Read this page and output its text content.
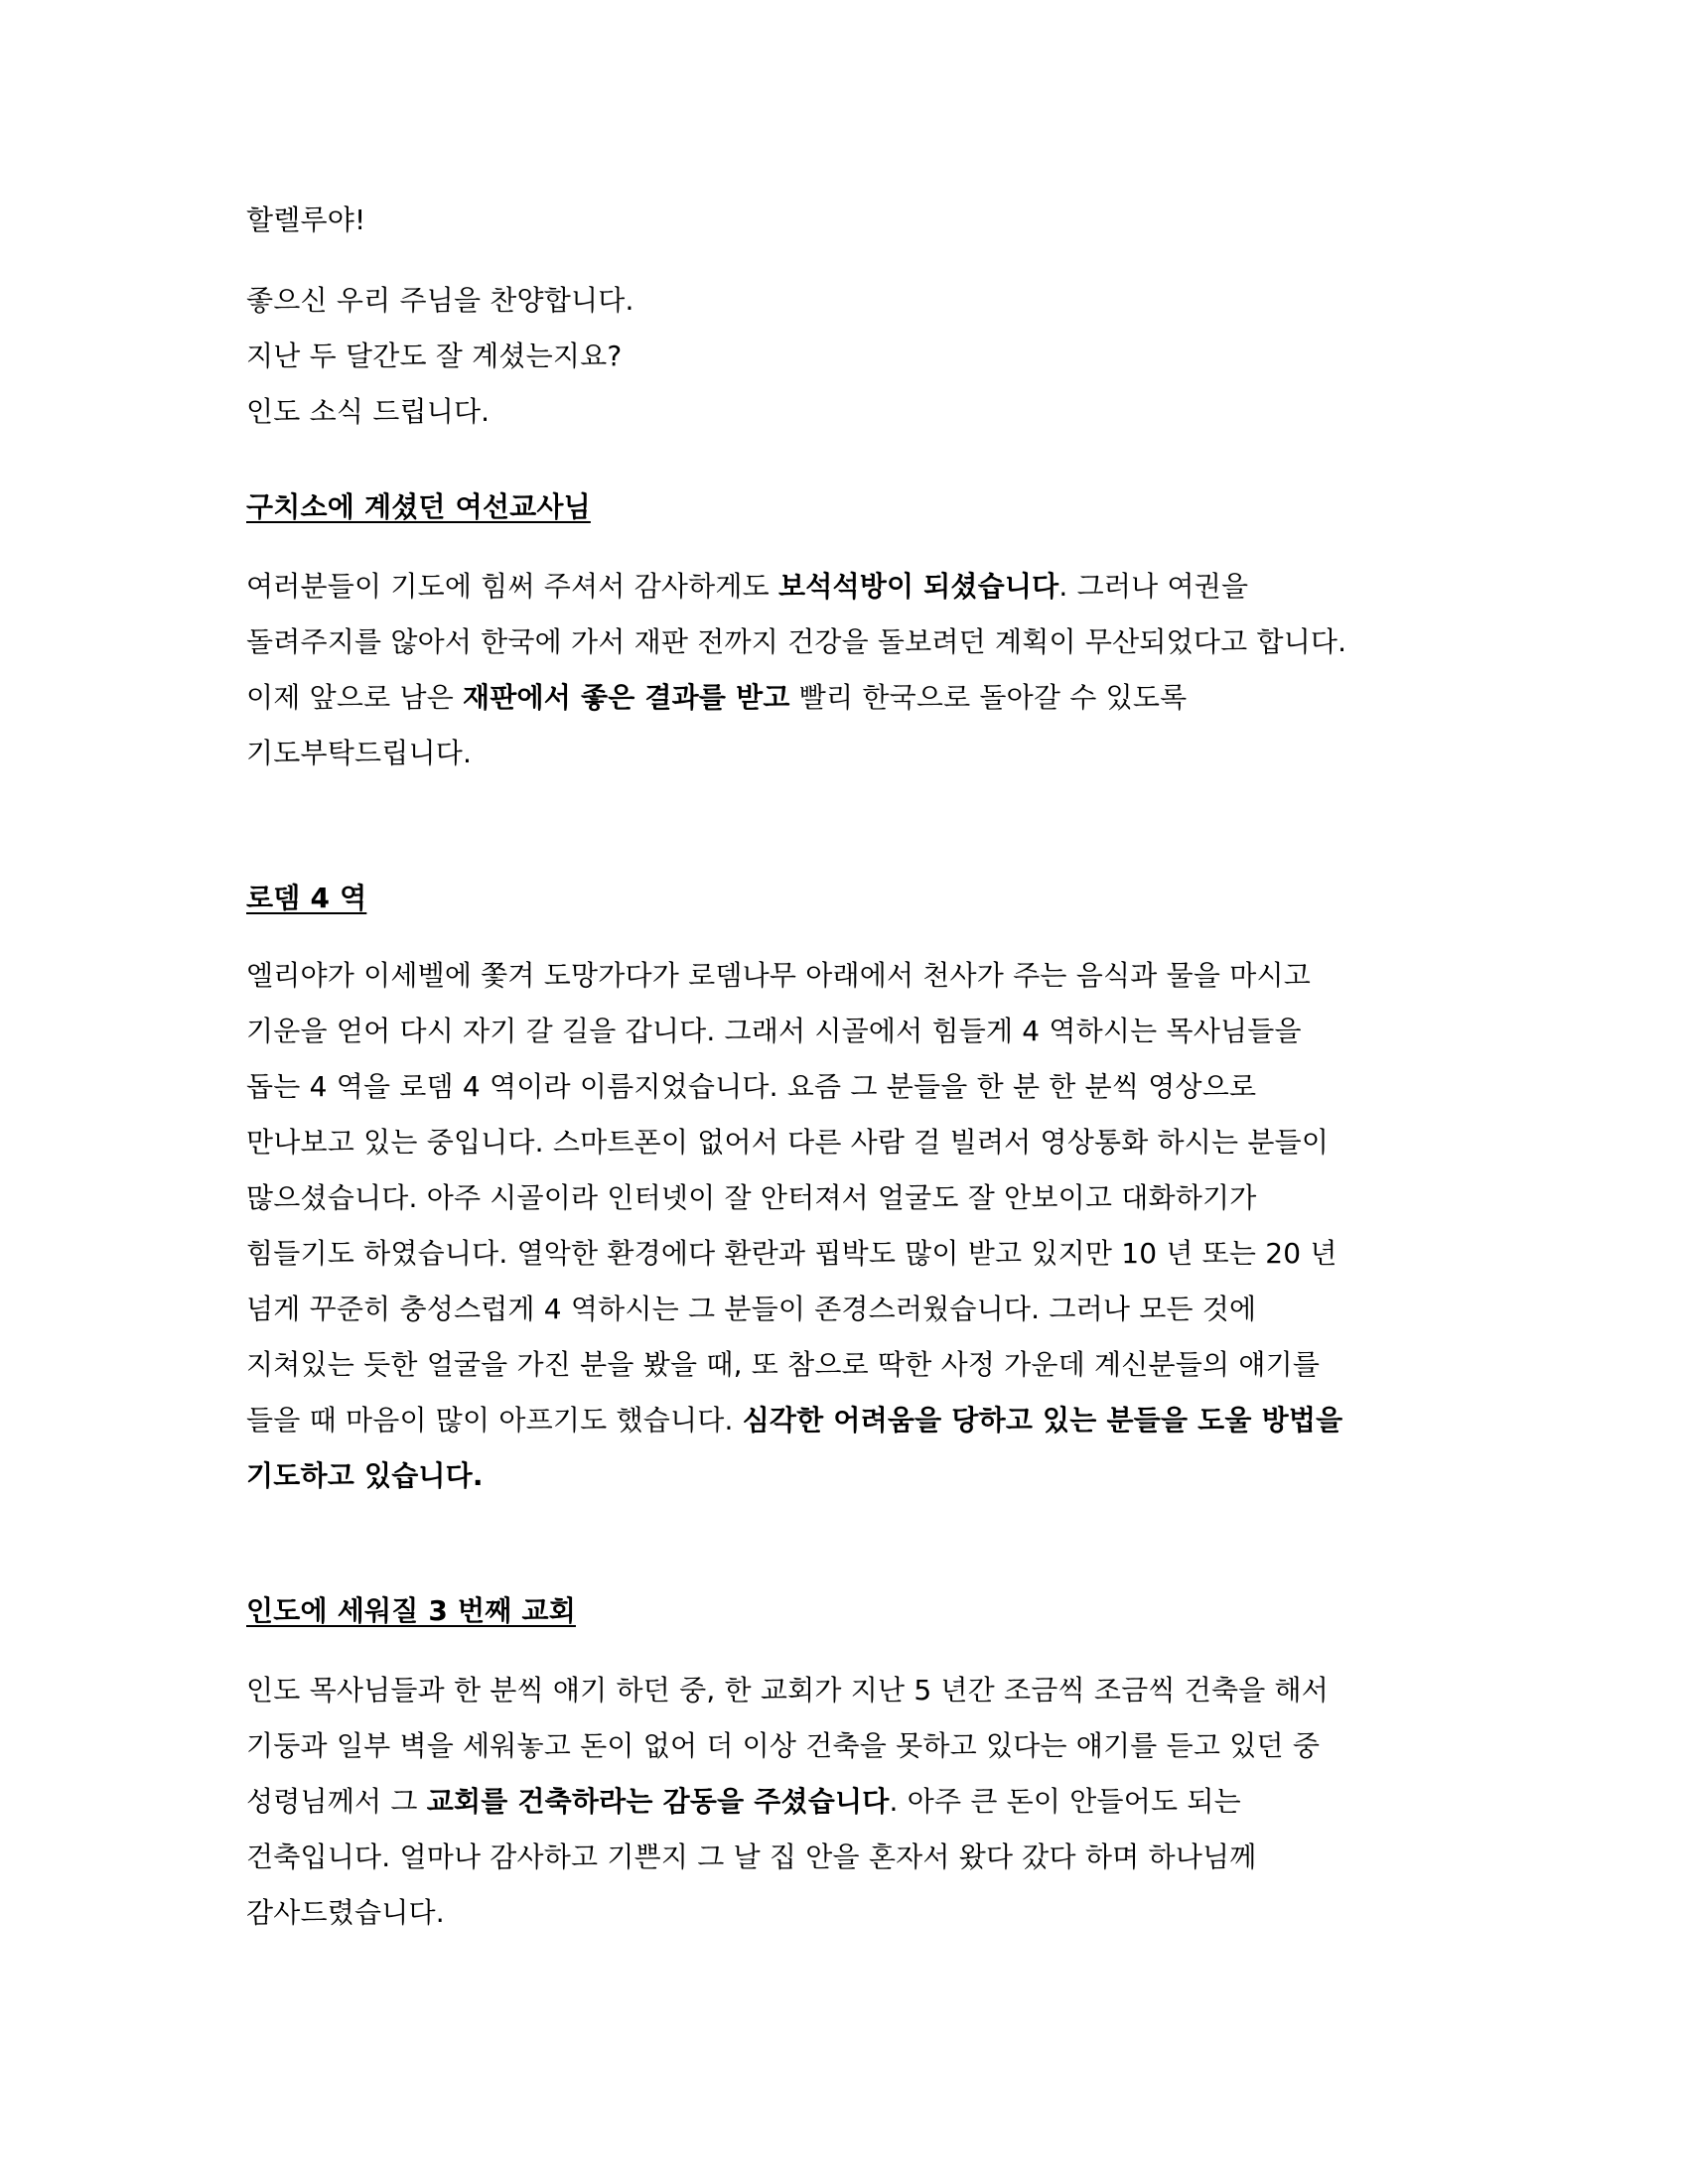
할렐루야!

좋으신 우리 주님을 찬양합니다.

지난 두 달간도 잘 계셨는지요?

인도 소식 드립니다.

구치소에 계셨던 여선교사님

여러분들이 기도에 힘써 주셔서 감사하게도 보석석방이 되셨습니다. 그러나 여권을

돌려주지를 않아서 한국에 가서 재판 전까지 건강을 돌보려던 계획이 무산되었다고 합니다.

이제 앞으로 남은 재판에서 좋은 결과를 받고 빨리 한국으로 돌아갈 수 있도록

기도부탁드립니다.

로뎀 4 역

엘리야가 이세벨에 쫓겨 도망가다가 로뎀나무 아래에서 천사가 주는 음식과 물을 마시고

기운을 얻어 다시 자기 갈 길을 갑니다. 그래서 시골에서 힘들게 4 역하시는 목사님들을

돕는 4 역을 로뎀 4 역이라 이름지었습니다. 요즘 그 분들을 한 분 한 분씩 영상으로

만나보고 있는 중입니다. 스마트폰이 없어서 다른 사람 걸 빌려서 영상통화 하시는 분들이

많으셨습니다. 아주 시골이라 인터넷이 잘 안터져서 얼굴도 잘 안보이고 대화하기가

힘들기도 하였습니다. 열악한 환경에다 환란과 핍박도 많이 받고 있지만 10 년 또는 20 년

넘게 꾸준히 충성스럽게 4 역하시는 그 분들이 존경스러웠습니다. 그러나 모든 것에

지쳐있는 듯한 얼굴을 가진 분을 봤을 때, 또 참으로 딱한 사정 가운데 계신분들의 얘기를

들을 때 마음이 많이 아프기도 했습니다. 심각한 어려움을 당하고 있는 분들을 도울 방법을

기도하고 있습니다.

인도에 세워질 3 번째 교회

인도 목사님들과 한 분씩 얘기 하던 중, 한 교회가 지난 5 년간 조금씩 조금씩 건축을 해서

기둥과 일부 벽을 세워놓고 돈이 없어 더 이상 건축을 못하고 있다는 얘기를 듣고 있던 중

성령님께서 그 교회를 건축하라는 감동을 주셨습니다. 아주 큰 돈이 안들어도 되는

건축입니다. 얼마나 감사하고 기쁜지 그 날 집 안을 혼자서 왔다 갔다 하며 하나님께

감사드렸습니다.
